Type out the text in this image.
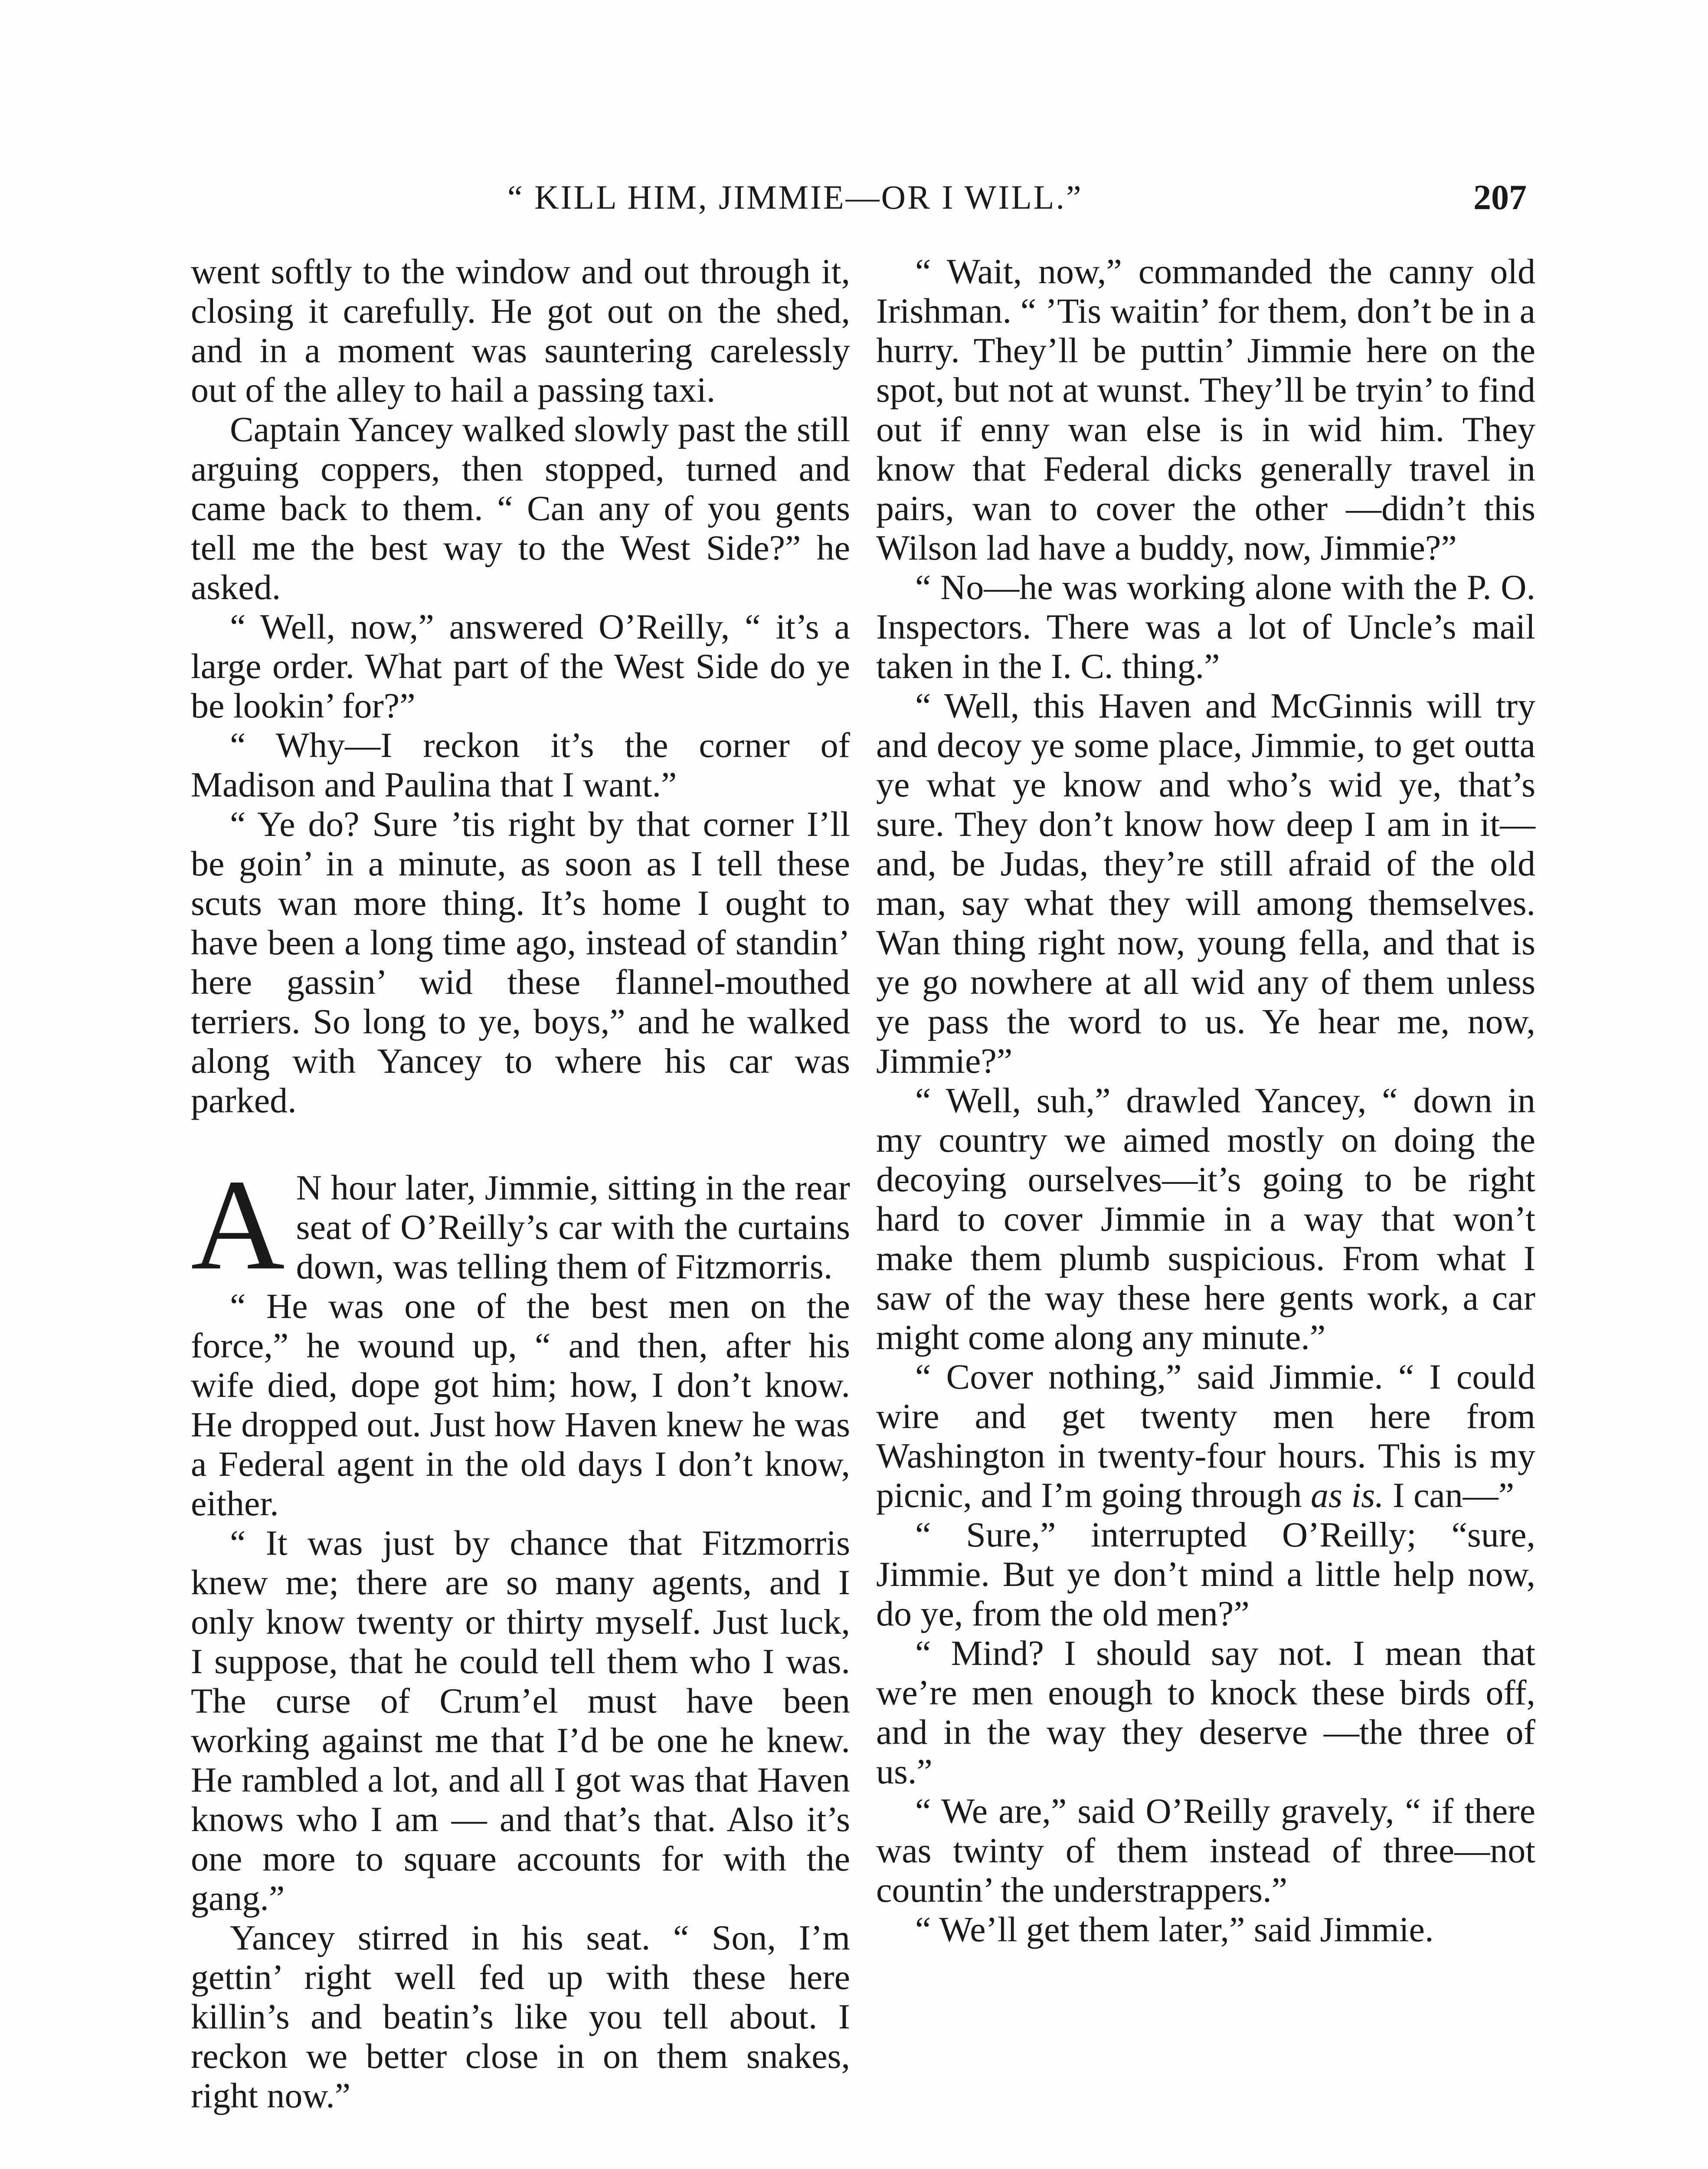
“ KILL HIM, JIMMIE—OR I WILL.”	207

went softly to the window and out through it, closing it carefully. He got out on the shed, and in a moment was sauntering carelessly out of the alley to hail a passing taxi.

Captain Yancey walked slowly past the still arguing coppers, then stopped, turned and came back to them. “ Can any of you gents tell me the best way to the West Side?” he asked.

“ Well, now,” answered O’Reilly, “ it’s a large order. What part of the West Side do ye be lookin’ for?”

“ Why—I reckon it’s the corner of Madison and Paulina that I want.”

“ Ye do? Sure ’tis right by that corner I’ll be goin’ in a minute, as soon as I tell these scuts wan more thing. It’s home I ought to have been a long time ago, instead of standin’ here gassin’ wid these flannel-mouthed terriers. So long to ye, boys,” and he walked along with Yancey to where his car was parked.

A N hour later, Jimmie, sitting in the rear seat of O’Reilly’s car with the curtains down, was telling them of Fitzmorris.

“ He was one of the best men on the force,” he wound up, “ and then, after his wife died, dope got him; how, I don’t know. He dropped out. Just how Haven knew he was a Federal agent in the old days I don’t know, either.

“ It was just by chance that Fitzmorris knew me; there are so many agents, and I only know twenty or thirty myself. Just luck, I suppose, that he could tell them who I was. The curse of Crum’el must have been working against me that I’d be one he knew. He rambled a lot, and all I got was that Haven knows who I am — and that’s that. Also it’s one more to square accounts for with the gang.”

Yancey stirred in his seat. “ Son, I’m gettin’ right well fed up with these here killin’s and beatin’s like you tell about. I reckon we better close in on them snakes, right now.”

“ Wait, now,” commanded the canny old Irishman. “ ’Tis waitin’ for them, don’t be in a hurry. They’ll be puttin’ Jimmie here on the spot, but not at wunst. They’ll be tryin’ to find out if enny wan else is in wid him. They know that Federal dicks generally travel in pairs, wan to cover the other —didn’t this Wilson lad have a buddy, now, Jimmie?”

“ No—he was working alone with the P. O. Inspectors. There was a lot of Uncle’s mail taken in the I. C. thing.”

“ Well, this Haven and McGinnis will try and decoy ye some place, Jimmie, to get outta ye what ye know and who’s wid ye, that’s sure. They don’t know how deep I am in it—and, be Judas, they’re still afraid of the old man, say what they will among themselves. Wan thing right now, young fella, and that is ye go nowhere at all wid any of them unless ye pass the word to us. Ye hear me, now, Jimmie?”

“ Well, suh,” drawled Yancey, “ down in my country we aimed mostly on doing the decoying ourselves—it’s going to be right hard to cover Jimmie in a way that won’t make them plumb suspicious. From what I saw of the way these here gents work, a car might come along any minute.”

“ Cover nothing,” said Jimmie. “ I could wire and get twenty men here from Washington in twenty-four hours. This is my picnic, and I’m going through as is. I can—”

“ Sure,” interrupted O’Reilly; “sure, Jimmie. But ye don’t mind a little help now, do ye, from the old men?”

“ Mind? I should say not. I mean that we’re men enough to knock these birds off, and in the way they deserve —the three of us.”

“ We are,” said O’Reilly gravely, “ if there was twinty of them instead of three—not countin’ the understrappers.”

“ We’ll get them later,” said Jimmie.
